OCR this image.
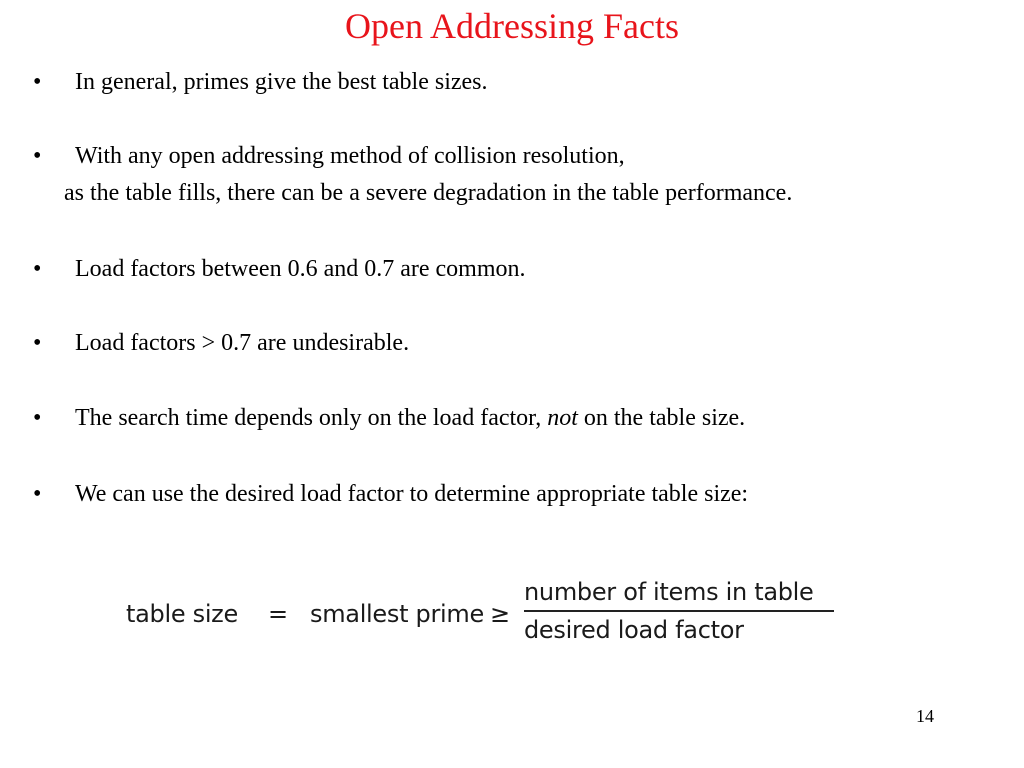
Open Addressing Facts
• In general, primes give the best table sizes.
• With any open addressing method of collision resolution,
as the table fills, there can be a severe degradation in the table performance.
• Load factors between 0.6 and 0.7 are common.
• Load factors > 0.7 are undesirable.
• The search time depends only on the load factor, not on the table size.
• We can use the desired load factor to determine appropriate table size:
table size = smallest prime ≥
number of items in table
desired load factor
14
